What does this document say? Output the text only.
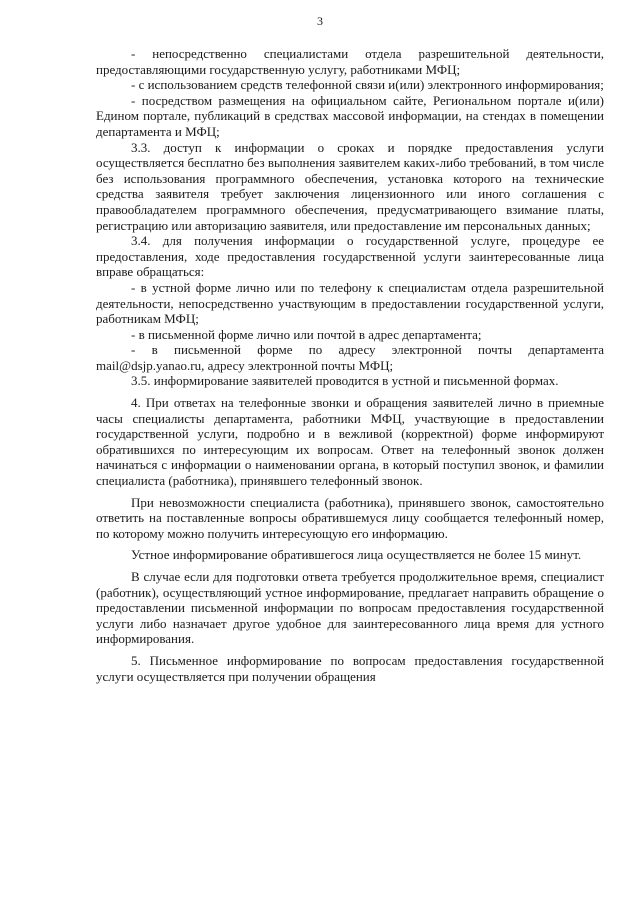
3

- непосредственно специалистами отдела разрешительной деятельности, предоставляющими государственную услугу, работниками МФЦ;

- с использованием средств телефонной связи и(или) электронного информирования;

- посредством размещения на официальном сайте, Региональном портале и(или) Едином портале, публикаций в средствах массовой информации, на стендах в помещении департамента и МФЦ;

3.3. доступ к информации о сроках и порядке предоставления услуги осуществляется бесплатно без выполнения заявителем каких-либо требований, в том числе без использования программного обеспечения, установка которого на технические средства заявителя требует заключения лицензионного или иного соглашения с правообладателем программного обеспечения, предусматривающего взимание платы, регистрацию или авторизацию заявителя, или предоставление им персональных данных;

3.4. для получения информации о государственной услуге, процедуре ее предоставления, ходе предоставления государственной услуги заинтересованные лица вправе обращаться:

- в устной форме лично или по телефону к специалистам отдела разрешительной деятельности, непосредственно участвующим в предоставлении государственной услуги, работникам МФЦ;

- в письменной форме лично или почтой в адрес департамента;

- в письменной форме по адресу электронной почты департамента mail@dsjp.yanao.ru, адресу электронной почты МФЦ;

3.5. информирование заявителей проводится в устной и письменной формах.

4. При ответах на телефонные звонки и обращения заявителей лично в приемные часы специалисты департамента, работники МФЦ, участвующие в предоставлении государственной услуги, подробно и в вежливой (корректной) форме информируют обратившихся по интересующим их вопросам. Ответ на телефонный звонок должен начинаться с информации о наименовании органа, в который поступил звонок, и фамилии специалиста (работника), принявшего телефонный звонок.

При невозможности специалиста (работника), принявшего звонок, самостоятельно ответить на поставленные вопросы обратившемуся лицу сообщается телефонный номер, по которому можно получить интересующую его информацию.

Устное информирование обратившегося лица осуществляется не более 15 минут.

В случае если для подготовки ответа требуется продолжительное время, специалист (работник), осуществляющий устное информирование, предлагает направить обращение о предоставлении письменной информации по вопросам предоставления государственной услуги либо назначает другое удобное для заинтересованного лица время для устного информирования.

5. Письменное информирование по вопросам предоставления государственной услуги осуществляется при получении обращения
